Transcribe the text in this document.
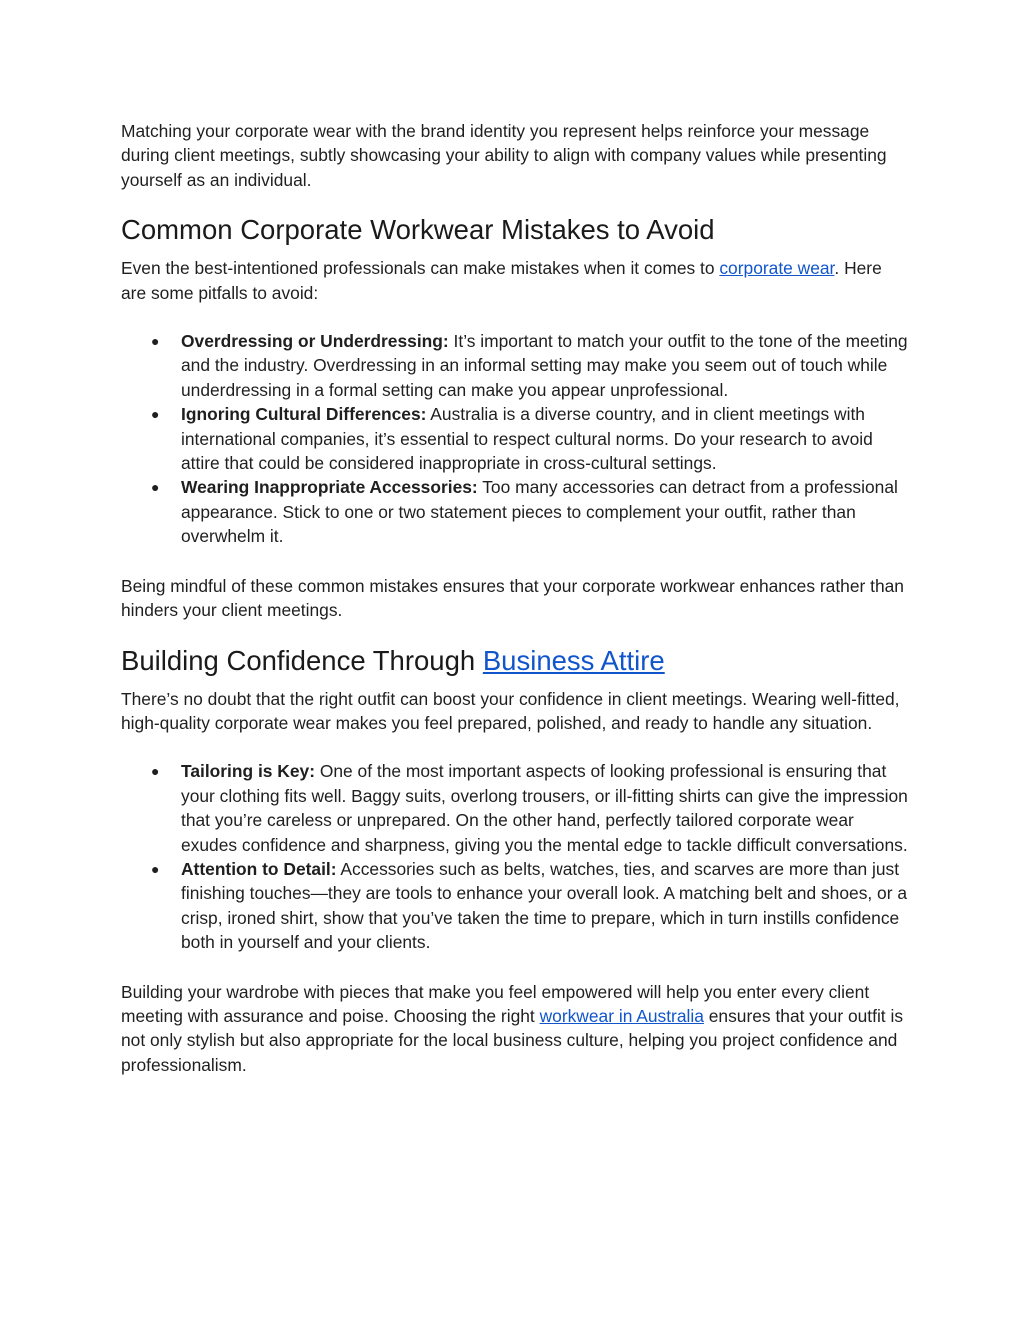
Matching your corporate wear with the brand identity you represent helps reinforce your message during client meetings, subtly showcasing your ability to align with company values while presenting yourself as an individual.

Common Corporate Workwear Mistakes to Avoid

Even the best-intentioned professionals can make mistakes when it comes to corporate wear. Here are some pitfalls to avoid:

● Overdressing or Underdressing: It’s important to match your outfit to the tone of the meeting and the industry. Overdressing in an informal setting may make you seem out of touch while underdressing in a formal setting can make you appear unprofessional.
● Ignoring Cultural Differences: Australia is a diverse country, and in client meetings with international companies, it’s essential to respect cultural norms. Do your research to avoid attire that could be considered inappropriate in cross-cultural settings.
● Wearing Inappropriate Accessories: Too many accessories can detract from a professional appearance. Stick to one or two statement pieces to complement your outfit, rather than overwhelm it.

Being mindful of these common mistakes ensures that your corporate workwear enhances rather than hinders your client meetings.

Building Confidence Through Business Attire

There’s no doubt that the right outfit can boost your confidence in client meetings. Wearing well-fitted, high-quality corporate wear makes you feel prepared, polished, and ready to handle any situation.

● Tailoring is Key: One of the most important aspects of looking professional is ensuring that your clothing fits well. Baggy suits, overlong trousers, or ill-fitting shirts can give the impression that you’re careless or unprepared. On the other hand, perfectly tailored corporate wear exudes confidence and sharpness, giving you the mental edge to tackle difficult conversations.
● Attention to Detail: Accessories such as belts, watches, ties, and scarves are more than just finishing touches—they are tools to enhance your overall look. A matching belt and shoes, or a crisp, ironed shirt, show that you’ve taken the time to prepare, which in turn instills confidence both in yourself and your clients.

Building your wardrobe with pieces that make you feel empowered will help you enter every client meeting with assurance and poise. Choosing the right workwear in Australia ensures that your outfit is not only stylish but also appropriate for the local business culture, helping you project confidence and professionalism.
